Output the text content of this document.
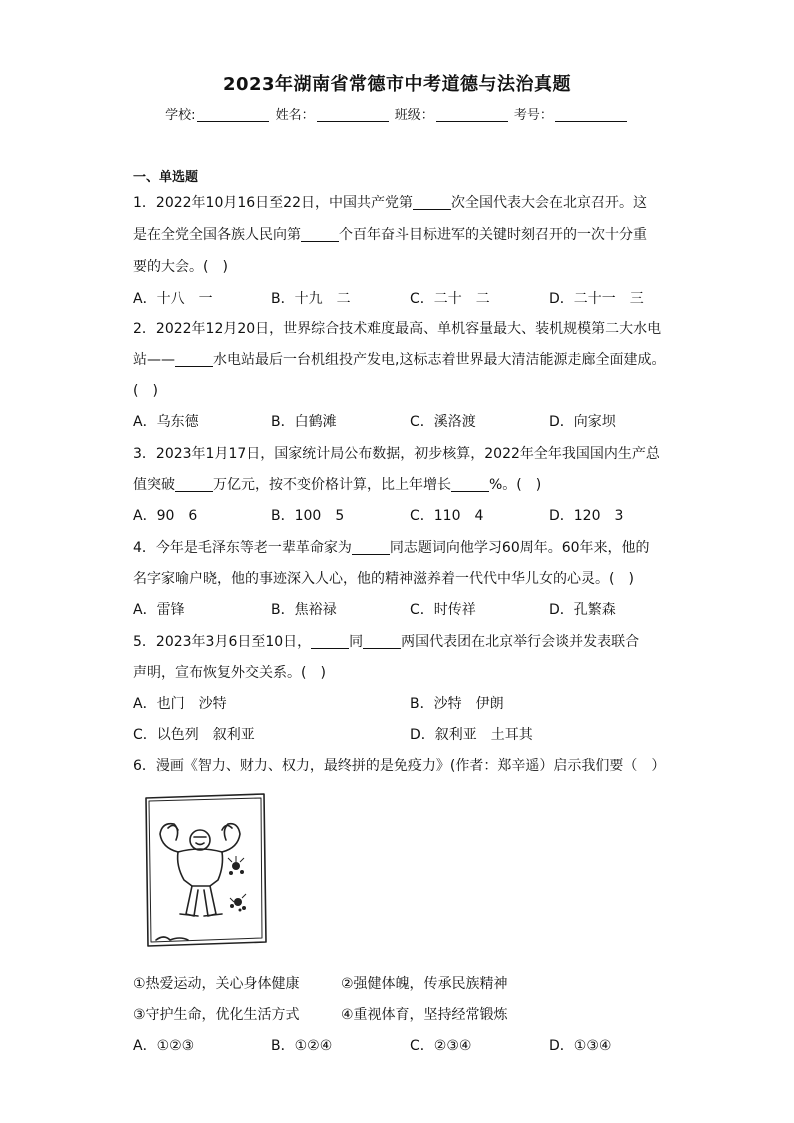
2023年湖南省常德市中考道德与法治真题
学校:	姓名：	班级：	考号：
一、单选题
1．2022年10月16日至22日，中国共产党第	次全国代表大会在北京召开。这
是在全党全国各族人民向第	个百年奋斗目标进军的关键时刻召开的一次十分重
要的大会。(　)
A．十八　一	B．十九　二	C．二十　二	D．二十一　三
2．2022年12月20日，世界综合技术难度最高、单机容量最大、装机规模第二大水电
站——	水电站最后一台机组投产发电,这标志着世界最大清洁能源走廊全面建成。
(　)
A．乌东德	B．白鹤滩	C．溪洛渡	D．向家坝
3．2023年1月17日，国家统计局公布数据，初步核算，2022年全年我国国内生产总
值突破	万亿元，按不变价格计算，比上年增长	%。(　)
A．90　6	B．100　5	C．110　4	D．120　3
4．今年是毛泽东等老一辈革命家为	同志题词向他学习60周年。60年来，他的
名字家喻户晓，他的事迹深入人心，他的精神滋养着一代代中华儿女的心灵。(　)
A．雷锋	B．焦裕禄	C．时传祥	D．孔繁森
5．2023年3月6日至10日，	同	两国代表团在北京举行会谈并发表联合
声明，宣布恢复外交关系。(　)
A．也门　沙特	B．沙特　伊朗
C．以色列　叙利亚	D．叙利亚　土耳其
6．漫画《智力、财力、权力，最终拼的是免疫力》(作者：郑辛遥）启示我们要（　）
①热爱运动，关心身体健康	②强健体魄，传承民族精神
③守护生命，优化生活方式	④重视体育，坚持经常锻炼
A．①②③	B．①②④	C．②③④	D．①③④
